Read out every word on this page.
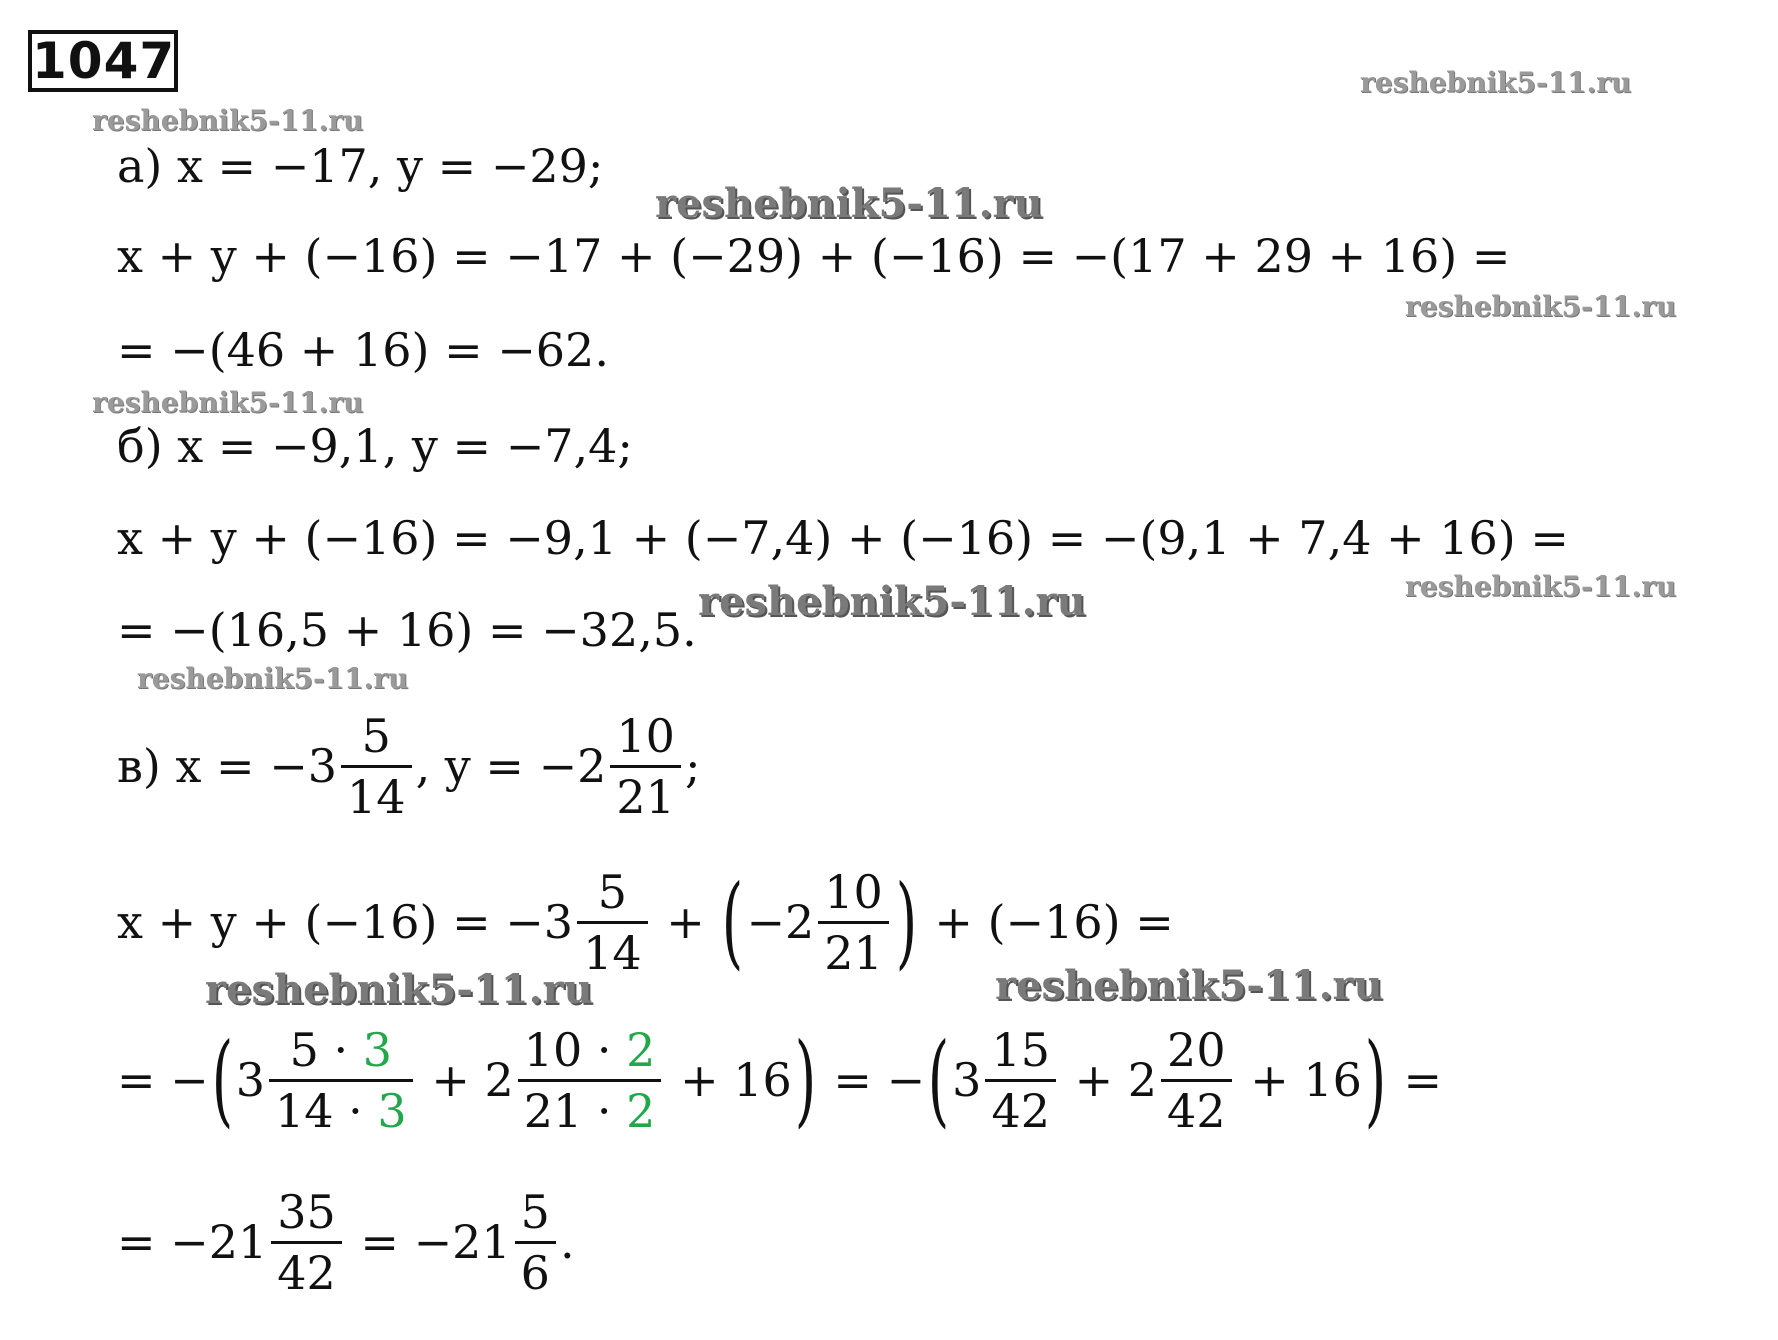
1047	reshebnik5-11.ru
reshebnik5-11.ru
reshebnik5-11.ru
reshebnik5-11.ru
reshebnik5-11.ru
reshebnik5-11.ru	reshebnik5-11.ru
reshebnik5-11.ru
reshebnik5-11.ru	reshebnik5-11.ru
а) x = −17, y = −29;
x + y + (−16) = −17 + (−29) + (−16) = −(17 + 29 + 16) =
= −(46 + 16) = −62.
б) x = −9,1, y = −7,4;
x + y + (−16) = −9,1 + (−7,4) + (−16) = −(9,1 + 7,4 + 16) =
= −(16,5 + 16) = −32,5.
в) $x = -3 \frac{5}{14}$ , $y = -2 \frac{10}{21}$ ;
$x + y + (-16) = -3 \frac{5}{14}$ + ( $-2 \frac{10}{21}$ ) + (−16) =
= − ( $3 \frac{5 \cdot 3}{14 \cdot 3} + 2 \frac{10 \cdot 2}{21 \cdot 2} + 16$ ) = − ( $3 \frac{15}{42} + 2 \frac{20}{42} + 16$ ) =
= $-21 \frac{35}{42} = -21 \frac{5}{6}$ .
